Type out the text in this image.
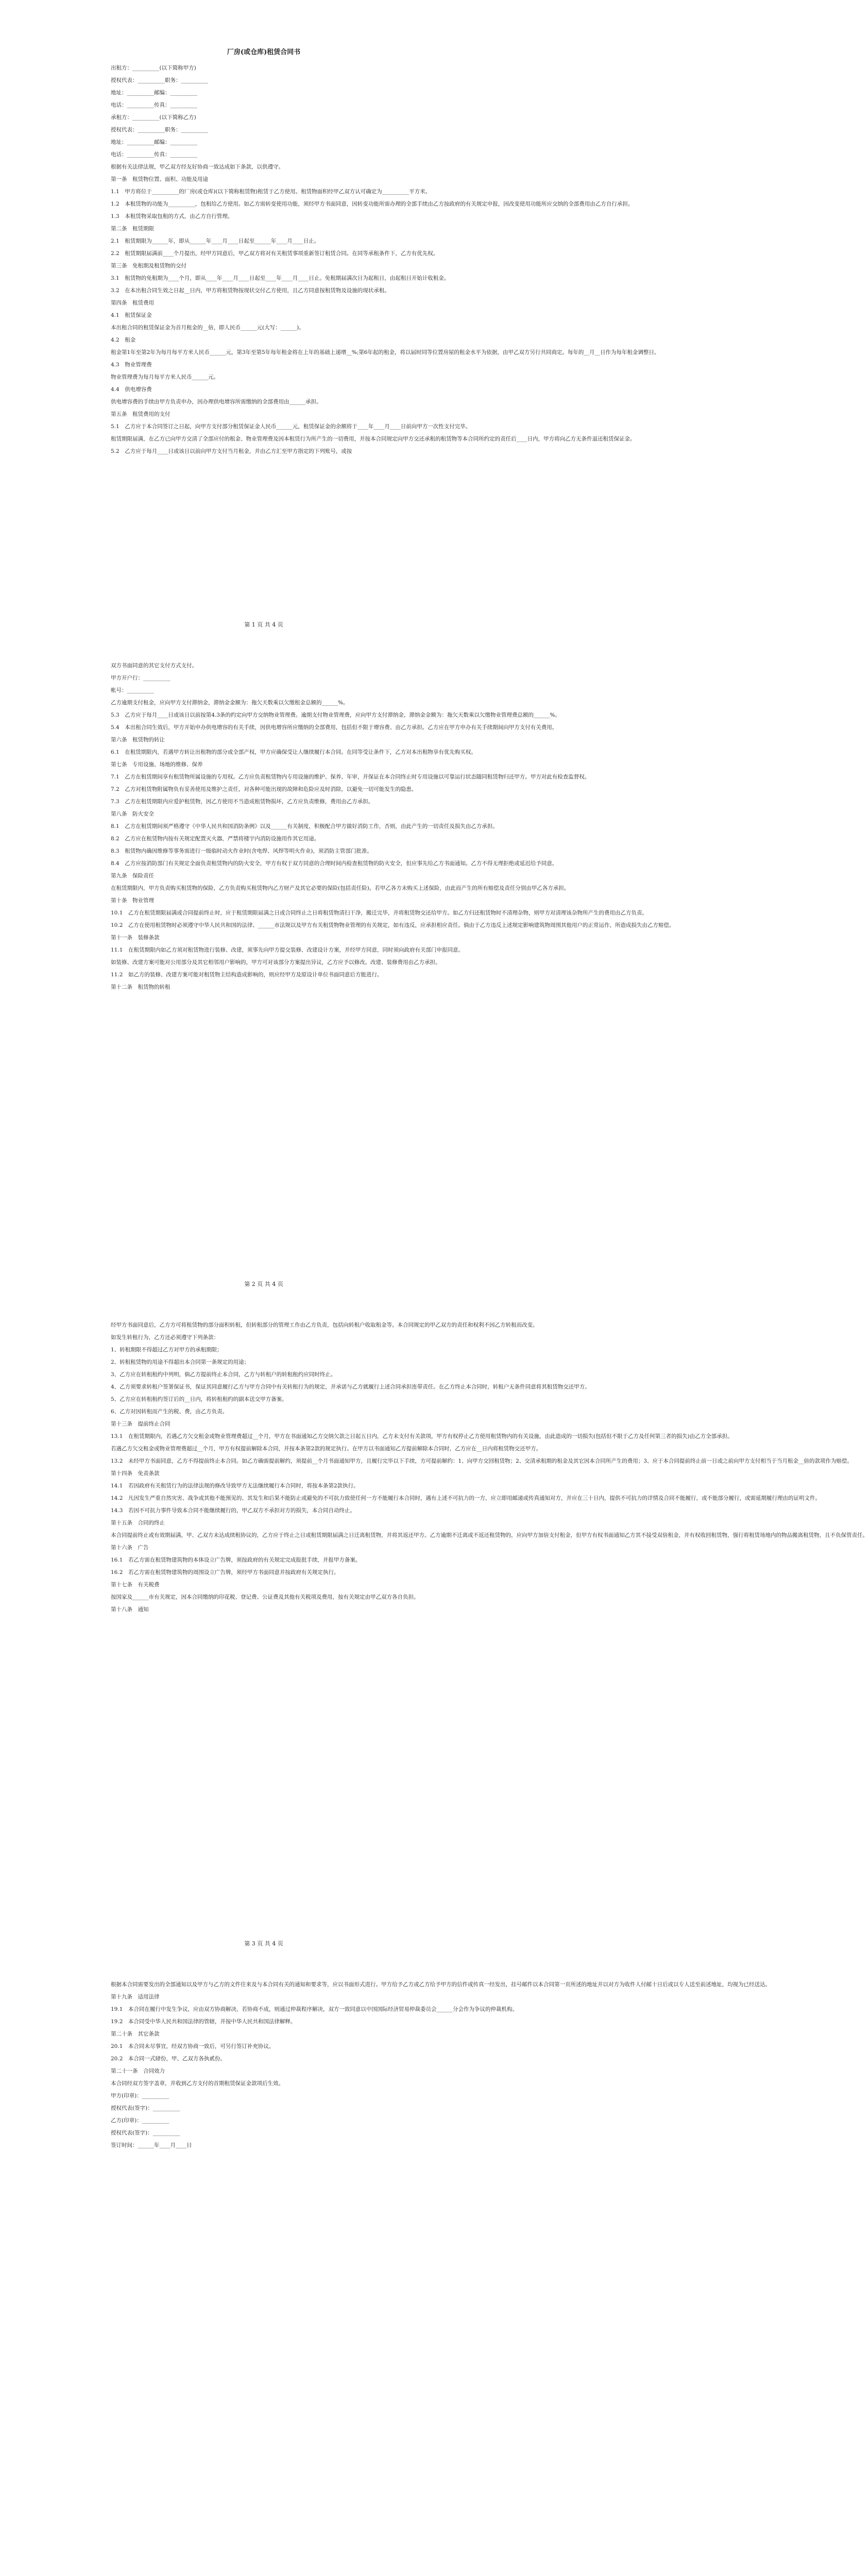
厂房(或仓库)租赁合同书
出租方：__________(以下简称甲方)
授权代表：__________职务：__________
地址：__________邮编：__________
电话：__________传真：__________
承租方：__________(以下简称乙方)
授权代表：__________职务：__________
地址：__________邮编：__________
电话：__________传真：__________
根据有关法律法规，甲乙双方经友好协商一致达成如下条款，以供遵守。
第一条　租赁物位置、面积、功能及用途
1.1　甲方将位于__________的厂房(或仓库)(以下简称租赁物)租赁于乙方使用。租赁物面积经甲乙双方认可确定为__________平方米。
1.2　本租赁物的功能为__________，包租给乙方使用。如乙方需转变使用功能，须经甲方书面同意，因转变功能所需办理的全部手续由乙方按政府的有关规定申报，因改变使用功能所应交纳的全部费用由乙方自行承担。
1.3　本租赁物采取包租的方式，由乙方自行管理。
第二条　租赁期限
2.1　租赁期限为______年，即从______年____月____日起至______年____月____日止。
2.2　租赁期限届满前____个月提出，经甲方同意后，甲乙双方将对有关租赁事项重新签订租赁合同。在同等承租条件下，乙方有优先权。
第三条　免租期及租赁物的交付
3.1　租赁物的免租期为____个月，即从____年____月____日起至____年____月____日止。免租期届满次日为起租日，由起租日开始计收租金。
3.2　在本出租合同生效之日起__日内，甲方将租赁物按现状交付乙方使用，且乙方同意按租赁物及设施的现状承租。
第四条　租赁费用
4.1　租赁保证金
本出租合同的租赁保证金为首月租金的__倍，即人民币______元(大写：______)。
4.2　租金
租金第1年至第2年为每月每平方米人民币______元，第3年至第5年每年租金将在上年的基础上递增__%;第6年起的租金，将以届时同等位置房屋的租金水平为依据，由甲乙双方另行共同商定。每年的__月__日作为每年租金调整日。
4.3　物业管理费
物业管理费为每月每平方米人民币______元。
4.4　供电增容费
供电增容费的手续由甲方负责申办，因办理供电增容所需缴纳的全部费用由______承担。
第五条　租赁费用的支付
5.1　乙方应于本合同签订之日起，向甲方支付部分租赁保证金人民币______元，租赁保证金的余额将于____年____月____日前向甲方一次性支付完毕。
租赁期限届满，在乙方已向甲方交清了全部应付的租金、物业管理费及因本租赁行为所产生的一切费用，并按本合同规定向甲方交还承租的租赁物等本合同所约定的责任后____日内，甲方将向乙方无条件退还租赁保证金。
5.2　乙方应于每月____日或该日以前向甲方支付当月租金，并由乙方汇至甲方指定的下列账号，或按
第 1 页 共 4 页
双方书面同意的其它支付方式支付。
甲方开户行：__________
帐号：__________
乙方逾期支付租金，应向甲方支付滞纳金，滞纳金金额为：拖欠天数乘以欠缴租金总额的______%。
5.3　乙方应于每月____日或该日以前按第4.3条的约定向甲方交纳物业管理费。逾期支付物业管理费，应向甲方支付滞纳金，滞纳金金额为：拖欠天数乘以欠缴物业管理费总额的______%。
5.4　本出租合同生效后，甲方开始申办供电增容的有关手续，因供电增容所应缴纳的全部费用，包括但不限于增容费、由乙方承担。乙方应在甲方申办有关手续期间向甲方支付有关费用。
第六条　租赁物的转让
6.1　在租赁期限内，若遇甲方转让出租物的部分或全部产权，甲方应确保受让人继续履行本合同。在同等受让条件下，乙方对本出租物享有优先购买权。
第七条　专用设施、场地的维修、保养
7.1　乙方在租赁期间享有租赁物所属设施的专用权。乙方应负责租赁物内专用设施的维护、保养、年审，并保证在本合同终止时专用设施以可靠运行状态随同租赁物归还甲方。甲方对此有检查监督权。
7.2　乙方对租赁物附属物负有妥善使用及维护之责任，对各种可能出现的故障和危险应及时消除，以避免一切可能发生的隐患。
7.3　乙方在租赁期限内应爱护租赁物，因乙方使用不当造成租赁物损坏，乙方应负责维修，费用由乙方承担。
第八条　防火安全
8.1　乙方在租赁期间须严格遵守《中华人民共和国消防条例》以及______有关制度，积极配合甲方做好消防工作，否则，由此产生的一切责任及损失由乙方承担。
8.2　乙方应在租赁物内按有关规定配置灭火器，严禁将楼宇内消防设施用作其它用途。
8.3　租赁物内确因维修等事务需进行一级临时动火作业时(含电焊、风焊等明火作业)，须消防主管部门批准。
8.4　乙方应按消防部门有关规定全面负责租赁物内的防火安全，甲方有权于双方同意的合理时间内检查租赁物的防火安全，但应事先给乙方书面通知。乙方不得无理拒绝或延迟给予同意。
第九条　保险责任
在租赁期限内，甲方负责购买租赁物的保险，乙方负责购买租赁物内乙方财产及其它必要的保险(包括责任险)。若甲乙各方未购买上述保险，由此而产生的所有赔偿及责任分别由甲乙各方承担。
第十条　物业管理
10.1　乙方在租赁期限届满或合同提前终止时，应于租赁期限届满之日或合同终止之日将租赁物清扫干净，搬迁完毕，并将租赁物交还给甲方。如乙方归还租赁物时不清理杂物，则甲方对清理该杂物所产生的费用由乙方负责。
10.2　乙方在使用租赁物时必须遵守中华人民共和国的法律、______市法规以及甲方有关租赁物物业管理的有关规定，如有违反，应承担相应责任。倘由于乙方违反上述规定影响建筑物周围其他用户的正常运作，所造成损失由乙方赔偿。
第十一条　装修条款
11.1　在租赁期限内如乙方须对租赁物进行装修、改建，须事先向甲方提交装修、改建设计方案，并经甲方同意，同时须向政府有关部门申报同意。
如装修、改建方案可能对公用部分及其它相邻用户影响的，甲方可对该部分方案提出异议，乙方应予以修改。改建、装修费用由乙方承担。
11.2　如乙方的装修、改建方案可能对租赁物主结构造成影响的，则应经甲方及原设计单位书面同意后方能进行。
第十二条　租赁物的转租
第 2 页 共 4 页
经甲方书面同意后，乙方方可将租赁物的部分面积转租，但转租部分的管理工作由乙方负责，包括向转租户收取租金等。本合同规定的甲乙双方的责任和权利不因乙方转租而改变。
如发生转租行为，乙方还必须遵守下列条款：
1、转租期限不得超过乙方对甲方的承租期限；
2、转租租赁物的用途不得超出本合同第一条规定的用途；
3、乙方应在转租租约中列明，倘乙方提前终止本合同，乙方与转租户的转租租约应同时终止。
4、乙方须要求转租户签署保证书，保证其同意履行乙方与甲方合同中有关转租行为的规定，并承诺与乙方就履行上述合同承担连带责任。在乙方终止本合同时，转租户无条件同意将其租赁物交还甲方。
5、乙方应在转租租约签订后的__日内，将转租租约的副本送交甲方备案。
6、乙方对因转租而产生的税、费，由乙方负责。
第十三条　提前终止合同
13.1　在租赁期限内，若遇乙方欠交租金或物业管理费超过__个月，甲方在书面通知乙方交纳欠款之日起五日内，乙方未支付有关款项，甲方有权停止乙方使用租赁物内的有关设施，由此造成的一切损失(包括但不限于乙方及任何第三者的损失)由乙方全部承担。
若遇乙方欠交租金或物业管理费超过__个月，甲方有权提前解除本合同，并按本条第2款的规定执行。在甲方以书面通知乙方提前解除本合同时，乙方应在__日内将租赁物交还甲方。
13.2　未经甲方书面同意，乙方不得提前终止本合同。如乙方确需提前解约，须提前__个月书面通知甲方，且履行完毕以下手续，方可提前解约：1、向甲方交回租赁物；2、交清承租期的租金及其它因本合同所产生的费用；3、应于本合同提前终止前一日或之前向甲方支付相当于当月租金__倍的款项作为赔偿。
第十四条　免责条款
14.1　若因政府有关租赁行为的法律法规的修改导致甲方无法继续履行本合同时，将按本条第2款执行。
14.2　凡因发生严重自然灾害、战争或其他不能预见的、其发生和后果不能防止或避免的不可抗力致使任何一方不能履行本合同时，遇有上述不可抗力的一方，应立即用邮递或传真通知对方，并应在三十日内，提供不可抗力的详情及合同不能履行，或不能部分履行，或需延期履行理由的证明文件。
14.3　若因不可抗力事件导致本合同不能继续履行的，甲乙双方不承担对方的损失，本合同自动终止。
第十五条　合同的终止
本合同提前终止或有效期届满，甲、乙双方未达成续租协议的，乙方应于终止之日或租赁期限届满之日迁离租赁物，并将其返还甲方。乙方逾期不迁离或不返还租赁物的，应向甲方加倍支付租金，但甲方有权书面通知乙方其不接受双倍租金，并有权收回租赁物，强行将租赁场地内的物品搬离租赁物，且不负保管责任。
第十六条　广告
16.1　若乙方需在租赁物建筑物的本体设立广告牌，须按政府的有关规定完成报批手续，并报甲方备案。
16.2　若乙方需在租赁物建筑物的周围设立广告牌，须经甲方书面同意并按政府有关规定执行。
第十七条　有关税费
按国家及______市有关规定，因本合同缴纳的印花税、登记费、公证费及其他有关税项及费用，按有关规定由甲乙双方各自负担。
第十八条　通知
第 3 页 共 4 页
根据本合同需要发出的全部通知以及甲方与乙方的文件往来及与本合同有关的通知和要求等，应以书面形式进行。甲方给予乙方或乙方给予甲方的信件或传真一经发出，挂号邮件以本合同第一页所述的地址并以对方为收件人付邮十日后或以专人送至前述地址，均视为已经送达。
第十九条　适用法律
19.1　本合同在履行中发生争议，应由双方协商解决，若协商不成，则通过仲裁程序解决，双方一致同意以中国国际经济贸易仲裁委员会______分会作为争议的仲裁机构。
19.2　本合同受中华人民共和国法律的管辖，并按中华人民共和国法律解释。
第二十条　其它条款
20.1　本合同未尽事宜，经双方协商一致后，可另行签订补充协议。
20.2　本合同一式肆份，甲、乙双方各执贰份。
第二十一条　合同效力
本合同经双方签字盖章，并收到乙方支付的首期租赁保证金款项后生效。
甲方(印章)：__________
授权代表(签字)：__________
乙方(印章)：__________
授权代表(签字)：__________
签订时间：______年____月____日
